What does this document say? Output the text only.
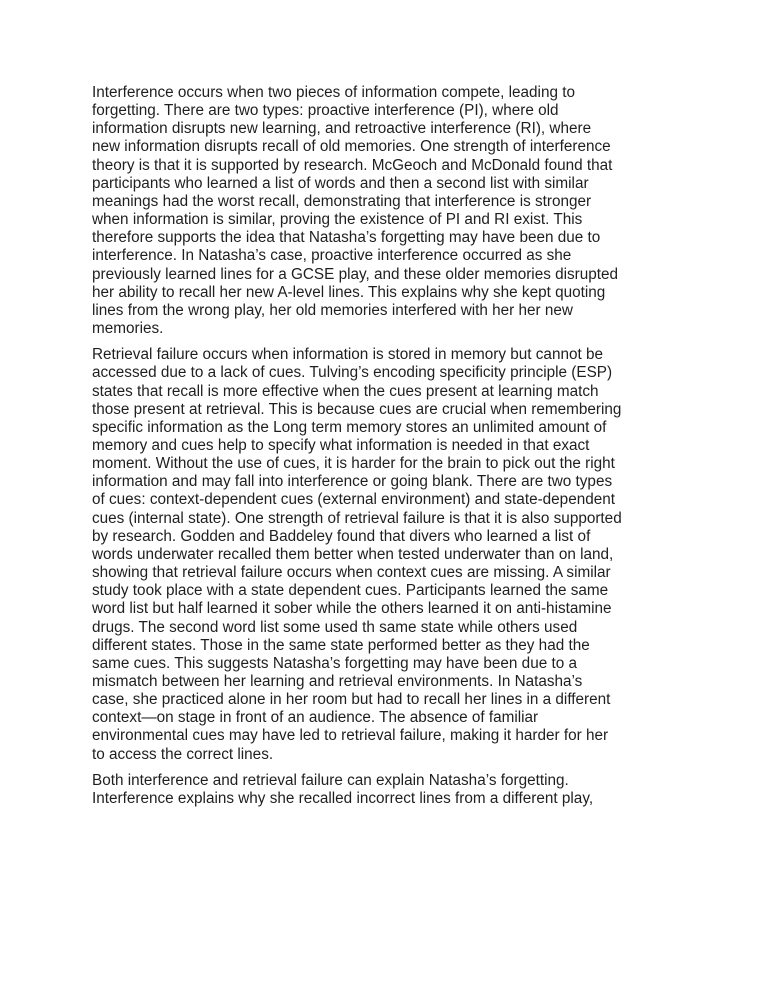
Interference occurs when two pieces of information compete, leading to
forgetting. There are two types: proactive interference (PI), where old
information disrupts new learning, and retroactive interference (RI), where
new information disrupts recall of old memories. One strength of interference
theory is that it is supported by research. McGeoch and McDonald found that
participants who learned a list of words and then a second list with similar
meanings had the worst recall, demonstrating that interference is stronger
when information is similar, proving the existence of PI and RI exist. This
therefore supports the idea that Natasha’s forgetting may have been due to
interference. In Natasha’s case, proactive interference occurred as she
previously learned lines for a GCSE play, and these older memories disrupted
her ability to recall her new A-level lines. This explains why she kept quoting
lines from the wrong play, her old memories interfered with her her new
memories.
Retrieval failure occurs when information is stored in memory but cannot be
accessed due to a lack of cues. Tulving’s encoding specificity principle (ESP)
states that recall is more effective when the cues present at learning match
those present at retrieval. This is because cues are crucial when remembering
specific information as the Long term memory stores an unlimited amount of
memory and cues help to specify what information is needed in that exact
moment. Without the use of cues, it is harder for the brain to pick out the right
information and may fall into interference or going blank. There are two types
of cues: context-dependent cues (external environment) and state-dependent
cues (internal state). One strength of retrieval failure is that it is also supported
by research. Godden and Baddeley found that divers who learned a list of
words underwater recalled them better when tested underwater than on land,
showing that retrieval failure occurs when context cues are missing. A similar
study took place with a state dependent cues. Participants learned the same
word list but half learned it sober while the others learned it on anti-histamine
drugs. The second word list some used th same state while others used
different states. Those in the same state performed better as they had the
same cues. This suggests Natasha’s forgetting may have been due to a
mismatch between her learning and retrieval environments. In Natasha’s
case, she practiced alone in her room but had to recall her lines in a different
context—on stage in front of an audience. The absence of familiar
environmental cues may have led to retrieval failure, making it harder for her
to access the correct lines.
Both interference and retrieval failure can explain Natasha’s forgetting.
Interference explains why she recalled incorrect lines from a different play,
